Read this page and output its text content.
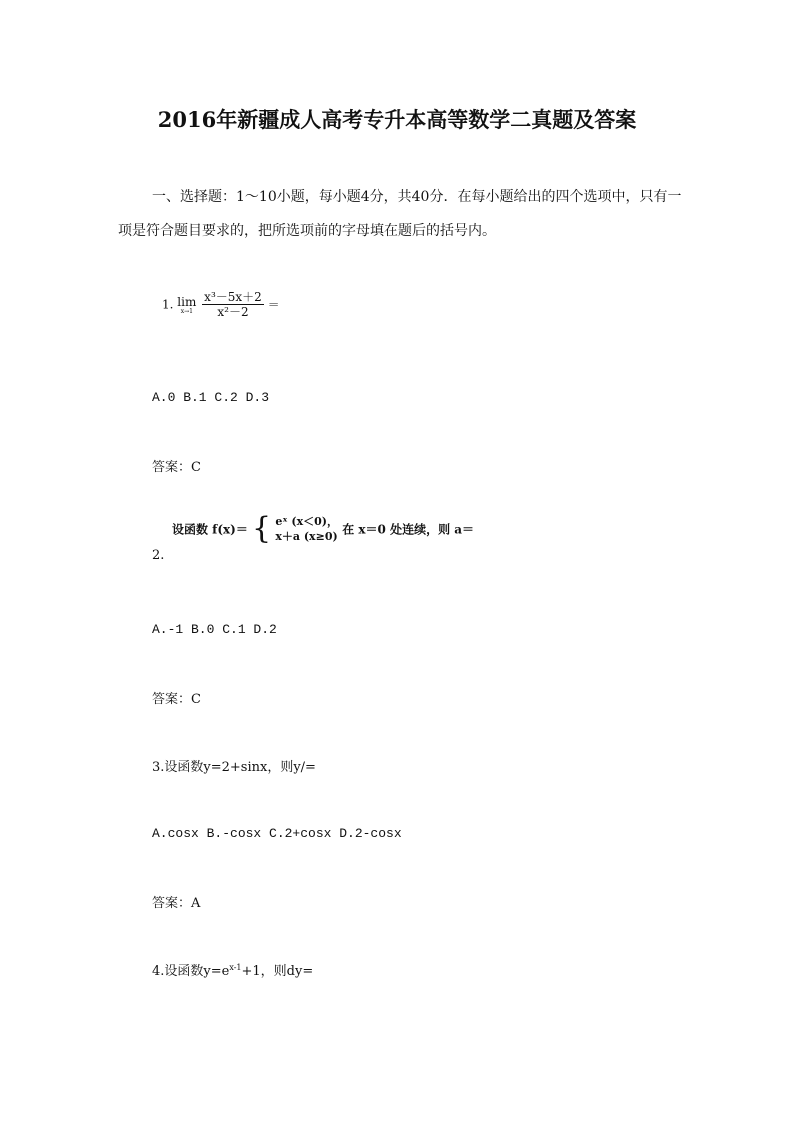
2016年新疆成人高考专升本高等数学二真题及答案
一、选择题：1～10小题，每小题4分，共40分．在每小题给出的四个选项中，只有一
项是符合题目要求的，把所选项前的字母填在题后的括号内。
1. lim
x→1
$\frac{\text{x³－5x＋2}}{\text{x²－2}}$ ＝
A.0 B.1 C.2 D.3
答案：C
设函数 f(x)＝ { eˣ (x＜0)，
x＋a (x≥0) 在 x＝0 处连续，则 a＝
2.
A.-1 B.0 C.1 D.2
答案：C
3.设函数y=2+sinx，则y/=
A.cosx B.-cosx C.2+cosx D.2-cosx
答案：A
4.设函数$y=e^{x-1}+1$，则dy=
